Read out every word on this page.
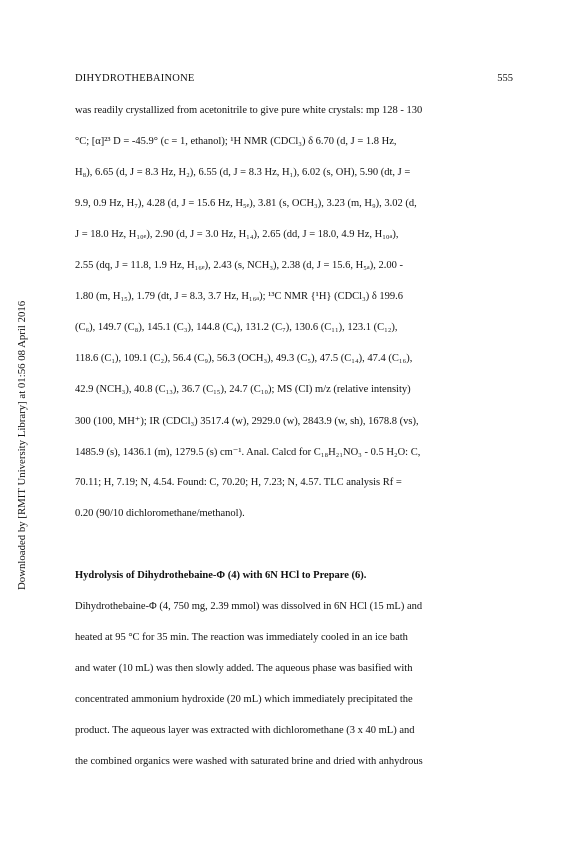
DIHYDROTHEBAINONE	555
Downloaded by [RMIT University Library] at 01:56 08 April 2016
was readily crystallized from acetonitrile to give pure white crystals: mp 128 - 130
°C; [α]²³ D = -45.9° (c = 1, ethanol); ¹H NMR (CDCl₃) δ 6.70 (d, J = 1.8 Hz,
H₈), 6.65 (d, J = 8.3 Hz, H₂), 6.55 (d, J = 8.3 Hz, H₁), 6.02 (s, OH), 5.90 (dt, J =
9.9, 0.9 Hz, H₇), 4.28 (d, J = 15.6 Hz, H₅ₑ), 3.81 (s, OCH₃), 3.23 (m, H₉), 3.02 (d,
J = 18.0 Hz, H₁₀ₑ), 2.90 (d, J = 3.0 Hz, H₁₄), 2.65 (dd, J = 18.0, 4.9 Hz, H₁₀ₐ),
2.55 (dq, J = 11.8, 1.9 Hz, H₁₆ₑ), 2.43 (s, NCH₃), 2.38 (d, J = 15.6, H₅ₐ), 2.00 -
1.80 (m, H₁₅), 1.79 (dt, J = 8.3, 3.7 Hz, H₁₆ₐ); ¹³C NMR {¹H} (CDCl₃) δ 199.6
(C₆), 149.7 (C₈), 145.1 (C₃), 144.8 (C₄), 131.2 (C₇), 130.6 (C₁₁), 123.1 (C₁₂),
118.6 (C₁), 109.1 (C₂), 56.4 (C₉), 56.3 (OCH₃), 49.3 (C₅), 47.5 (C₁₄), 47.4 (C₁₆),
42.9 (NCH₃), 40.8 (C₁₃), 36.7 (C₁₅), 24.7 (C₁₀); MS (CI) m/z (relative intensity)
300 (100, MH⁺); IR (CDCl₃) 3517.4 (w), 2929.0 (w), 2843.9 (w, sh), 1678.8 (vs),
1485.9 (s), 1436.1 (m), 1279.5 (s) cm⁻¹. Anal. Calcd for C₁₈H₂₁NO₃ - 0.5 H₂O: C,
70.11; H, 7.19; N, 4.54. Found: C, 70.20; H, 7.23; N, 4.57. TLC analysis Rf =
0.20 (90/10 dichloromethane/methanol).
Hydrolysis of Dihydrothebaine-Φ (4) with 6N HCl to Prepare (6).
Dihydrothebaine-Φ (4, 750 mg, 2.39 mmol) was dissolved in 6N HCl (15 mL) and
heated at 95 °C for 35 min. The reaction was immediately cooled in an ice bath
and water (10 mL) was then slowly added. The aqueous phase was basified with
concentrated ammonium hydroxide (20 mL) which immediately precipitated the
product. The aqueous layer was extracted with dichloromethane (3 x 40 mL) and
the combined organics were washed with saturated brine and dried with anhydrous
